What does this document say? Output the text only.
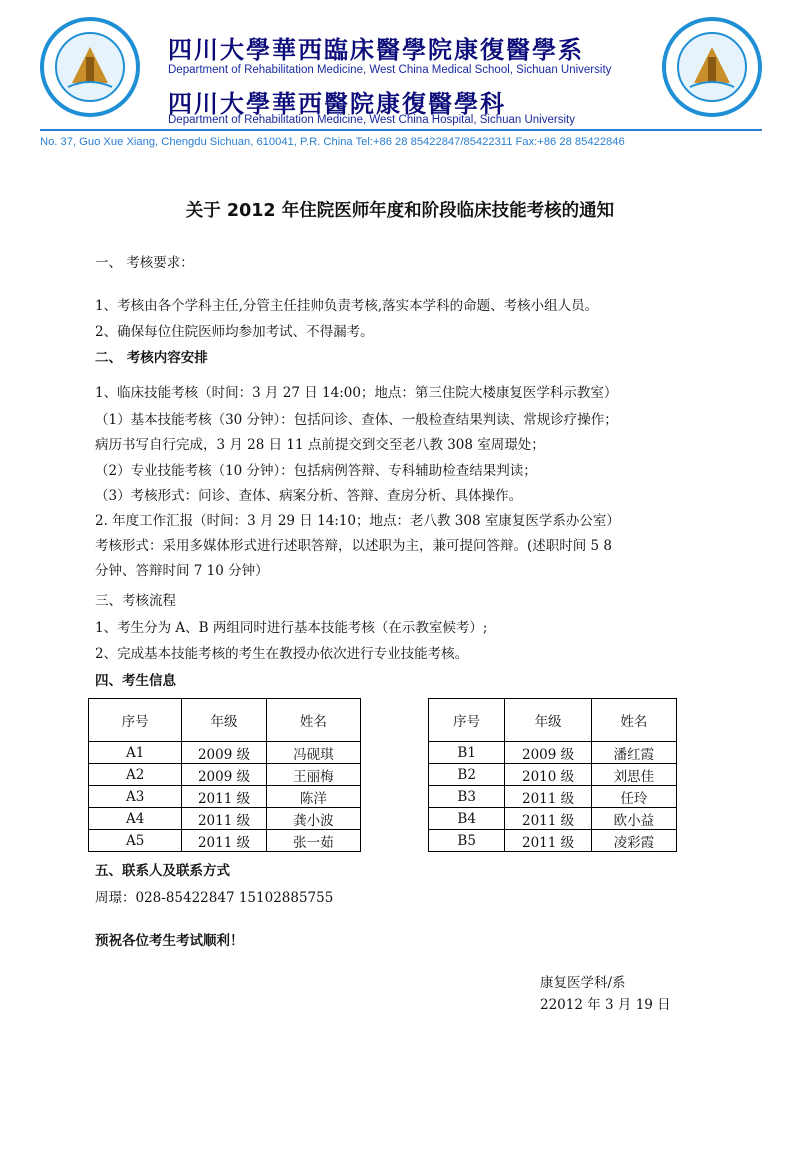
四川大學華西臨床醫學院康復醫學系
Department of Rehabilitation Medicine, West China Medical School, Sichuan University
四川大學華西醫院康復醫學科
Department of Rehabilitation Medicine, West China Hospital, Sichuan University
No. 37, Guo Xue Xiang, Chengdu Sichuan, 610041, P.R. China Tel:+86 28 85422847/85422311 Fax:+86 28 85422846
关于 2012 年住院医师年度和阶段临床技能考核的通知
一、 考核要求：
1、考核由各个学科主任,分管主任挂帅负责考核,落实本学科的命题、考核小组人员。
2、确保每位住院医师均参加考试、不得漏考。
二、 考核内容安排
1、临床技能考核（时间：3 月 27 日 14:00；地点：第三住院大楼康复医学科示教室）
（1）基本技能考核（30 分钟）：包括问诊、查体、一般检查结果判读、常规诊疗操作；
病历书写自行完成，3 月 28 日 11 点前提交到交至老八教 308 室周璟处；
（2）专业技能考核（10 分钟）：包括病例答辩、专科辅助检查结果判读；
（3）考核形式：问诊、查体、病案分析、答辩、查房分析、具体操作。
2. 年度工作汇报（时间：3 月 29 日 14:10；地点：老八教 308 室康复医学系办公室）
考核形式：采用多媒体形式进行述职答辩，以述职为主，兼可提问答辩。(述职时间 5 8
分钟、答辩时间 7 10 分钟）
三、考核流程
1、考生分为 A、B 两组同时进行基本技能考核（在示教室候考）;
2、完成基本技能考核的考生在教授办依次进行专业技能考核。
四、考生信息
序号	年级	姓名
A1	2009 级	冯砚琪
A2	2009 级	王丽梅
A3	2011 级	陈洋
A4	2011 级	龚小波
A5	2011 级	张一茹
序号	年级	姓名
B1	2009 级	潘红霞
B2	2010 级	刘思佳
B3	2011 级	任玲
B4	2011 级	欧小益
B5	2011 级	凌彩霞
五、联系人及联系方式
周璟：028-85422847 15102885755
预祝各位考生考试顺利！
康复医学科/系
22012 年 3 月 19 日
